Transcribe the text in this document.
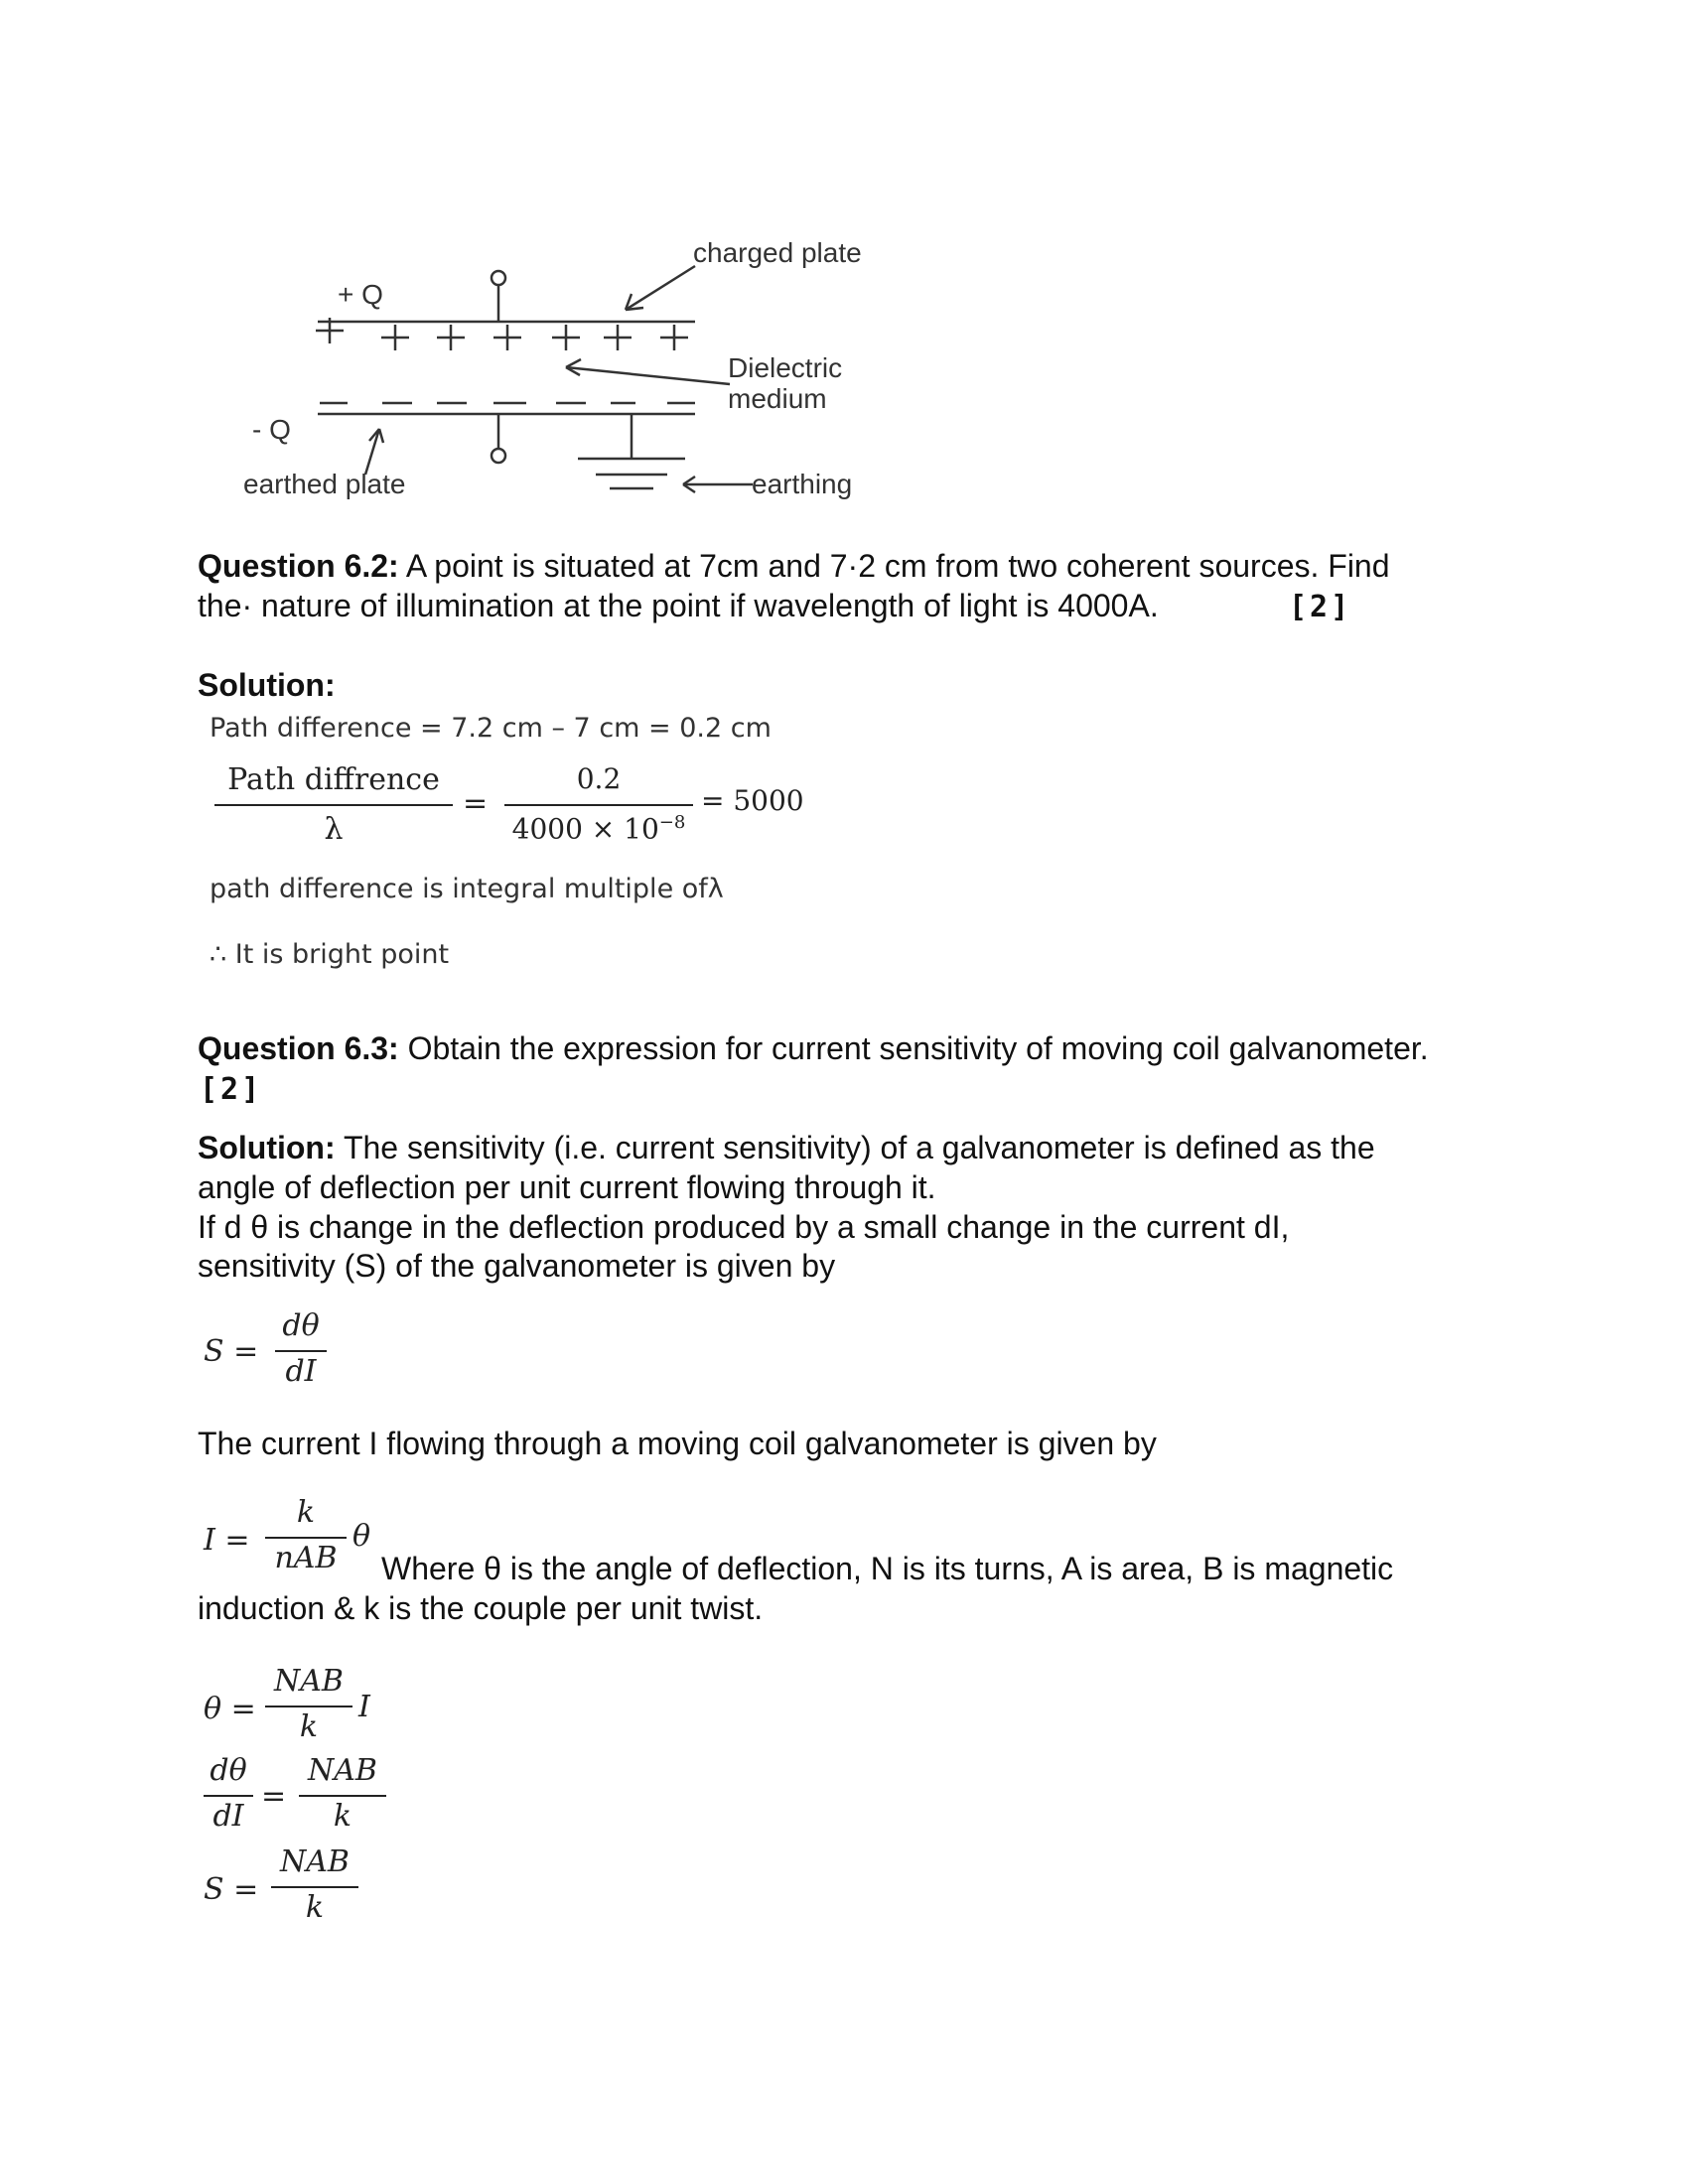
+ Q
- Q
charged plate
Dielectric
medium
earthed plate	earthing
Question 6.2: A point is situated at 7cm and 7·2 cm from two coherent sources. Find
the· nature of illumination at the point if wavelength of light is 4000A.	[2]
Solution:
Path difference = 7.2 cm – 7 cm = 0.2 cm
Path diffrence
λ
=
0.2
$4000 \times 10^{-8}$
= 5000
path difference is integral multiple ofλ
∴ It is bright point
Question 6.3: Obtain the expression for current sensitivity of moving coil galvanometer.
[2]
Solution: The sensitivity (i.e. current sensitivity) of a galvanometer is defined as the
angle of deflection per unit current flowing through it.
If d θ is change in the deflection produced by a small change in the current dI,
sensitivity (S) of the galvanometer is given by
S =
dθ
dI
The current I flowing through a moving coil galvanometer is given by
I =
k
nAB
θ
Where θ is the angle of deflection, N is its turns, A is area, B is magnetic
induction & k is the couple per unit twist.
θ =
NAB
k
I
dθ
dI
=
NAB
k
S =
NAB
k
